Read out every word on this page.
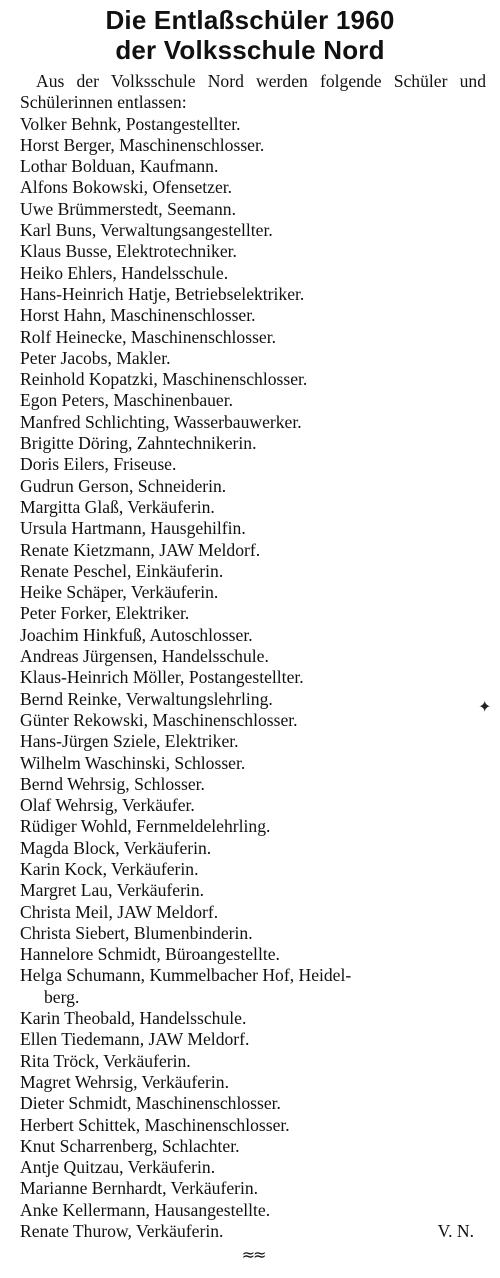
Die Entlaßschüler 1960
der Volksschule Nord

Aus der Volksschule Nord werden folgende Schüler und Schülerinnen entlassen:

Volker Behnk, Postangestellter.
Horst Berger, Maschinenschlosser.
Lothar Bolduan, Kaufmann.
Alfons Bokowski, Ofensetzer.
Uwe Brümmerstedt, Seemann.
Karl Buns, Verwaltungsangestellter.
Klaus Busse, Elektrotechniker.
Heiko Ehlers, Handelsschule.
Hans-Heinrich Hatje, Betriebselektriker.
Horst Hahn, Maschinenschlosser.
Rolf Heinecke, Maschinenschlosser.
Peter Jacobs, Makler.
Reinhold Kopatzki, Maschinenschlosser.
Egon Peters, Maschinenbauer.
Manfred Schlichting, Wasserbauwerker.
Brigitte Döring, Zahntechnikerin.
Doris Eilers, Friseuse.
Gudrun Gerson, Schneiderin.
Margitta Glaß, Verkäuferin.
Ursula Hartmann, Hausgehilfin.
Renate Kietzmann, JAW Meldorf.
Renate Peschel, Einkäuferin.
Heike Schäper, Verkäuferin.
Peter Forker, Elektriker.
Joachim Hinkfuß, Autoschlosser.
Andreas Jürgensen, Handelsschule.
Klaus-Heinrich Möller, Postangestellter.
Bernd Reinke, Verwaltungslehrling.
Günter Rekowski, Maschinenschlosser.
Hans-Jürgen Sziele, Elektriker.
Wilhelm Waschinski, Schlosser.
Bernd Wehrsig, Schlosser.
Olaf Wehrsig, Verkäufer.
Rüdiger Wohld, Fernmeldelehrling.
Magda Block, Verkäuferin.
Karin Kock, Verkäuferin.
Margret Lau, Verkäuferin.
Christa Meil, JAW Meldorf.
Christa Siebert, Blumenbinderin.
Hannelore Schmidt, Büroangestellte.
Helga Schumann, Kummelbacher Hof, Heidel-
berg.
Karin Theobald, Handelsschule.
Ellen Tiedemann, JAW Meldorf.
Rita Tröck, Verkäuferin.
Magret Wehrsig, Verkäuferin.
Dieter Schmidt, Maschinenschlosser.
Herbert Schittek, Maschinenschlosser.
Knut Scharrenberg, Schlachter.
Antje Quitzau, Verkäuferin.
Marianne Bernhardt, Verkäuferin.
Anke Kellermann, Hausangestellte.
Renate Thurow, Verkäuferin.	V. N.
≈≈
✦
